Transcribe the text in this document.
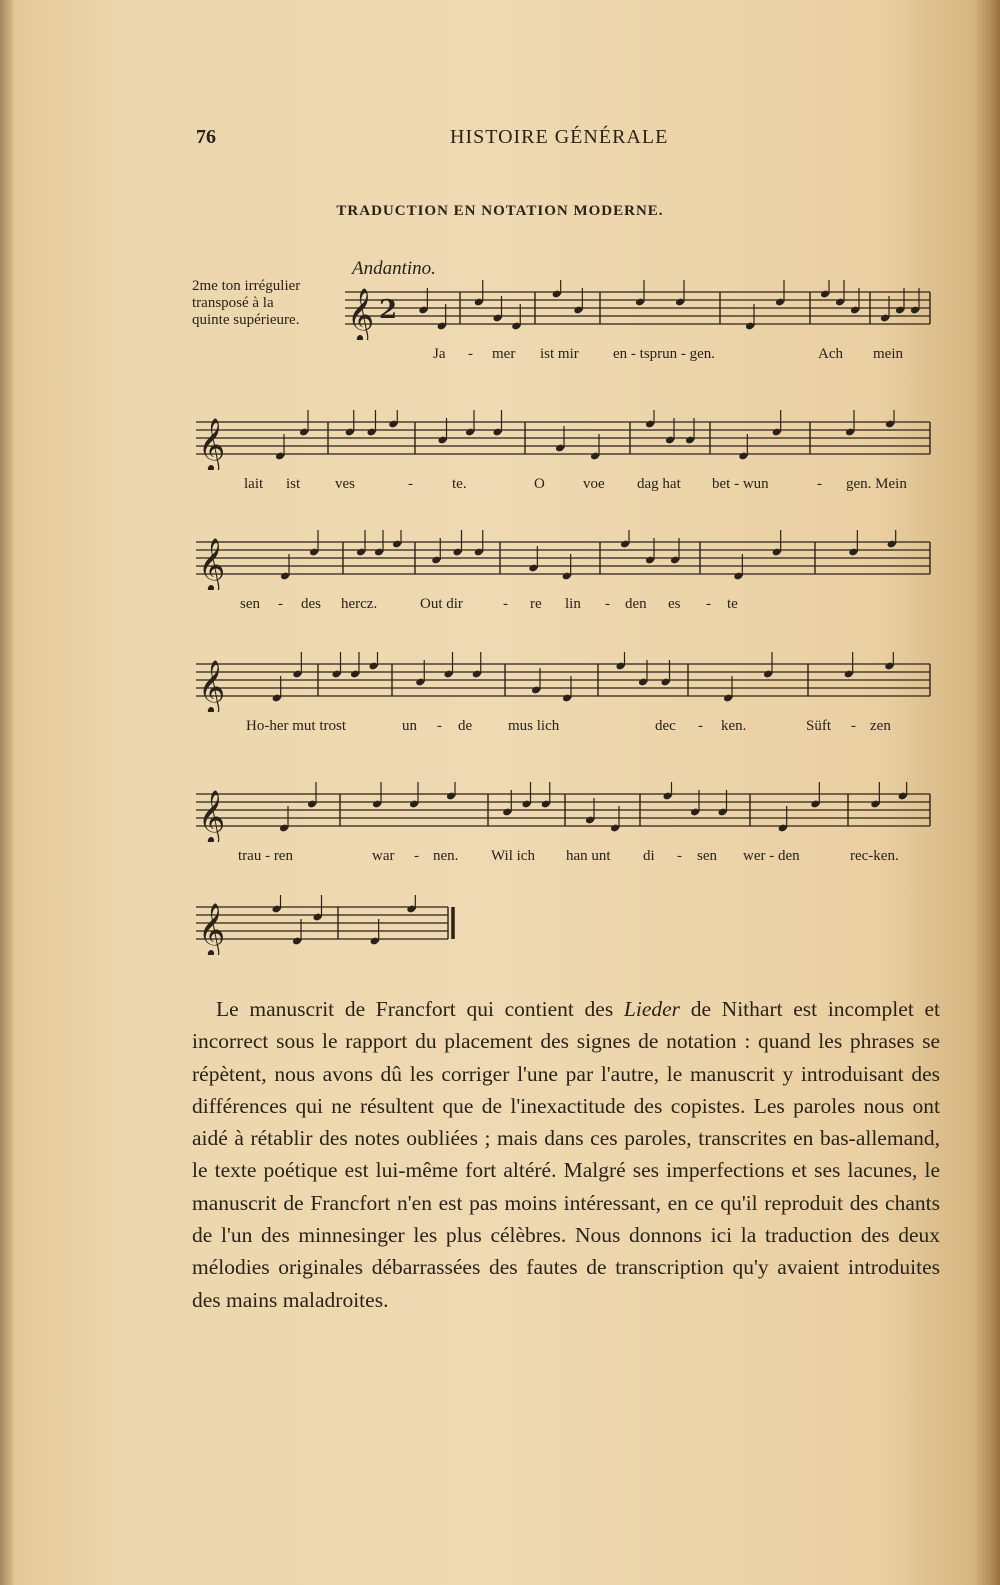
76	HISTOIRE GÉNÉRALE
TRADUCTION EN NOTATION MODERNE.
2me ton irrégulier
transposé à la
quinte supérieure.
Andantino.
𝄞 2
Ja - mer ist mir en - tsprun - gen.	Ach mein
𝄞
lait ist ves	-	te.	O	voe dag hat bet - wun	- gen. Mein
𝄞
sen - des hercz.	Out dir	- re lin - den es - te
𝄞
Ho-her mut trost	un - de mus lich	dec - ken.	Süft - zen
𝄞
trau - ren	war - nen. Wil ich han unt di - sen wer - den	rec-ken.
𝄞

Le manuscrit de Francfort qui contient des Lieder de Nithart est incomplet et incorrect sous le rapport du placement des signes de notation : quand les phrases se répètent, nous avons dû les corriger l'une par l'autre, le manuscrit y introduisant des différences qui ne résultent que de l'inexactitude des copistes. Les paroles nous ont aidé à rétablir des notes oubliées ; mais dans ces paroles, transcrites en bas-allemand, le texte poétique est lui-même fort altéré. Malgré ses imperfections et ses lacunes, le manuscrit de Francfort n'en est pas moins intéressant, en ce qu'il reproduit des chants de l'un des minnesinger les plus célèbres. Nous donnons ici la traduction des deux mélodies originales débarrassées des fautes de transcription qu'y avaient introduites des mains maladroites.
